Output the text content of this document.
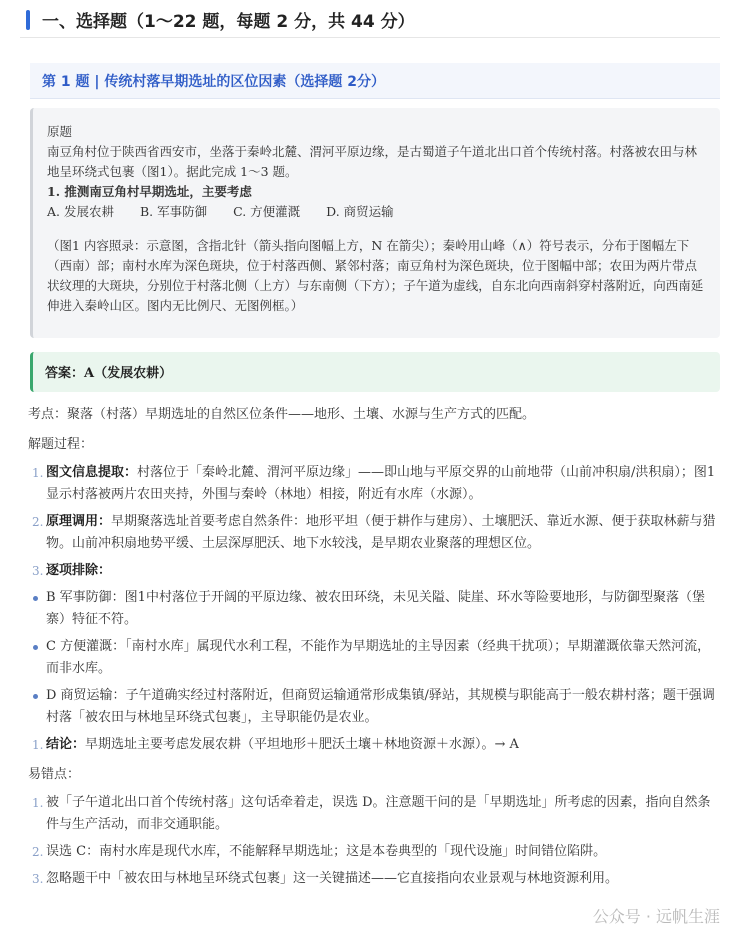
一、选择题（1～22 题，每题 2 分，共 44 分）
第 1 题 | 传统村落早期选址的区位因素（选择题 2分）

原题

南豆角村位于陕西省西安市，坐落于秦岭北麓、渭河平原边缘，是古蜀道子午道北出口首个传统村落。村落被农田与林地呈环绕式包裹（图1）。据此完成 1～3 题。

1. 推测南豆角村早期选址，主要考虑

A. 发展农耕 B. 军事防御 C. 方便灌溉 D. 商贸运输

（图1 内容照录：示意图，含指北针（箭头指向图幅上方，N 在箭尖）；秦岭用山峰（∧）符号表示，分布于图幅左下（西南）部；南村水库为深色斑块，位于村落西侧、紧邻村落；南豆角村为深色斑块，位于图幅中部；农田为两片带点状纹理的大斑块，分别位于村落北侧（上方）与东南侧（下方）；子午道为虚线，自东北向西南斜穿村落附近，向西南延伸进入秦岭山区。图内无比例尺、无图例框。）

答案：A（发展农耕）

考点：聚落（村落）早期选址的自然区位条件——地形、土壤、水源与生产方式的匹配。

解题过程：

1. 图文信息提取：村落位于「秦岭北麓、渭河平原边缘」——即山地与平原交界的山前地带（山前冲积扇/洪积扇）；图1显示村落被两片农田夹持，外围与秦岭（林地）相接，附近有水库（水源）。
2. 原理调用：早期聚落选址首要考虑自然条件：地形平坦（便于耕作与建房）、土壤肥沃、靠近水源、便于获取林薪与猎物。山前冲积扇地势平缓、土层深厚肥沃、地下水较浅，是早期农业聚落的理想区位。
3. 逐项排除：
B 军事防御：图1中村落位于开阔的平原边缘、被农田环绕，未见关隘、陡崖、环水等险要地形，与防御型聚落（堡寨）特征不符。
C 方便灌溉：「南村水库」属现代水利工程，不能作为早期选址的主导因素（经典干扰项）；早期灌溉依靠天然河流，而非水库。
D 商贸运输：子午道确实经过村落附近，但商贸运输通常形成集镇/驿站，其规模与职能高于一般农耕村落；题干强调村落「被农田与林地呈环绕式包裹」，主导职能仍是农业。
1. 结论：早期选址主要考虑发展农耕（平坦地形＋肥沃土壤＋林地资源＋水源）。→ A

易错点：

1. 被「子午道北出口首个传统村落」这句话牵着走，误选 D。注意题干问的是「早期选址」所考虑的因素，指向自然条件与生产活动，而非交通职能。
2. 误选 C：南村水库是现代水库，不能解释早期选址；这是本卷典型的「现代设施」时间错位陷阱。
3. 忽略题干中「被农田与林地呈环绕式包裹」这一关键描述——它直接指向农业景观与林地资源利用。
公众号 · 远帆生涯
